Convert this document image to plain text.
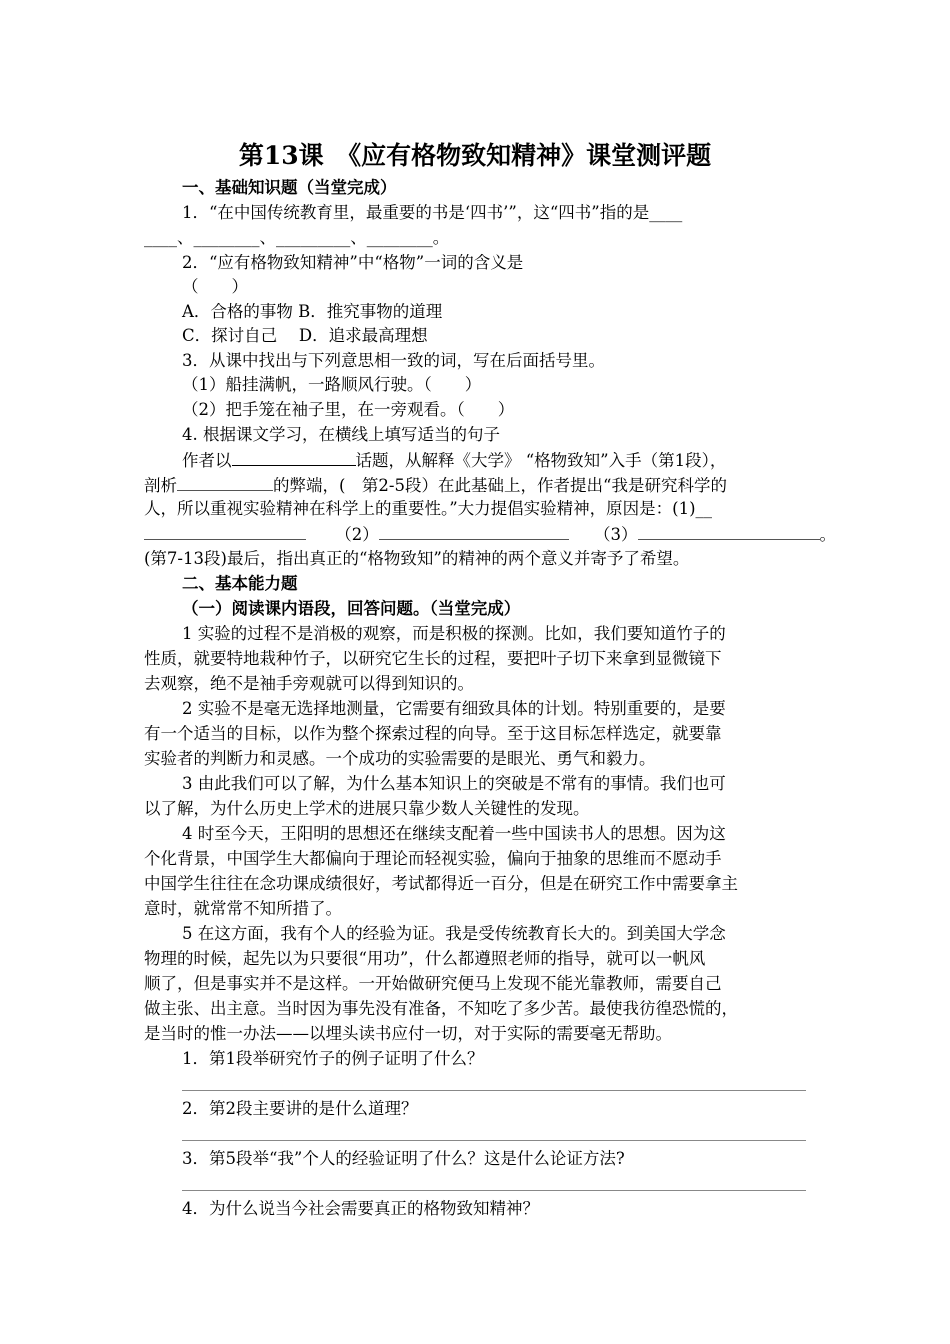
第13课　《应有格物致知精神》课堂测评题
一、基础知识题（当堂完成）
1．“在中国传统教育里，最重要的书是‘四书’”，这“四书”指的是____
____、________、_________、________。
2．“应有格物致知精神”中“格物”一词的含义是
（　　）
A．合格的事物 B．推究事物的道理
C．探讨自己　 D．追求最高理想
3．从课中找出与下列意思相一致的词，写在后面括号里。
（1）船挂满帆，一路顺风行驶。（　　）
（2）把手笼在袖子里，在一旁观看。（　　）
4. 根据课文学习，在横线上填写适当的句子
作者以	话题，从解释《大学》 “格物致知”入手（第1段），
剖析	的弊端，(　第2-5段）在此基础上，作者提出“我是研究科学的
人，所以重视实验精神在科学上的重要性。”大力提倡实验精神，原因是：(1)__
（2）	（3）	。
(第7-13段)最后，指出真正的“格物致知”的精神的两个意义并寄予了希望。
二、基本能力题
（一）阅读课内语段，回答问题。（当堂完成）
1 实验的过程不是消极的观察，而是积极的探测。比如，我们要知道竹子的
性质，就要特地栽种竹子，以研究它生长的过程，要把叶子切下来拿到显微镜下
去观察，绝不是袖手旁观就可以得到知识的。
2 实验不是毫无选择地测量，它需要有细致具体的计划。特别重要的，是要
有一个适当的目标，以作为整个探索过程的向导。至于这目标怎样选定，就要靠
实验者的判断力和灵感。一个成功的实验需要的是眼光、勇气和毅力。
3 由此我们可以了解，为什么基本知识上的突破是不常有的事情。我们也可
以了解，为什么历史上学术的进展只靠少数人关键性的发现。
4 时至今天，王阳明的思想还在继续支配着一些中国读书人的思想。因为这
个化背景，中国学生大都偏向于理论而轻视实验，偏向于抽象的思维而不愿动手
中国学生往往在念功课成绩很好，考试都得近一百分，但是在研究工作中需要拿主
意时，就常常不知所措了。
5 在这方面，我有个人的经验为证。我是受传统教育长大的。到美国大学念
物理的时候，起先以为只要很“用功”，什么都遵照老师的指导，就可以一帆风
顺了，但是事实并不是这样。一开始做研究便马上发现不能光靠教师，需要自己
做主张、出主意。当时因为事先没有准备，不知吃了多少苦。最使我彷徨恐慌的，
是当时的惟一办法——以埋头读书应付一切，对于实际的需要毫无帮助。
1．第1段举研究竹子的例子证明了什么？
2．第2段主要讲的是什么道理？
3．第5段举“我”个人的经验证明了什么？这是什么论证方法?
4．为什么说当今社会需要真正的格物致知精神？
